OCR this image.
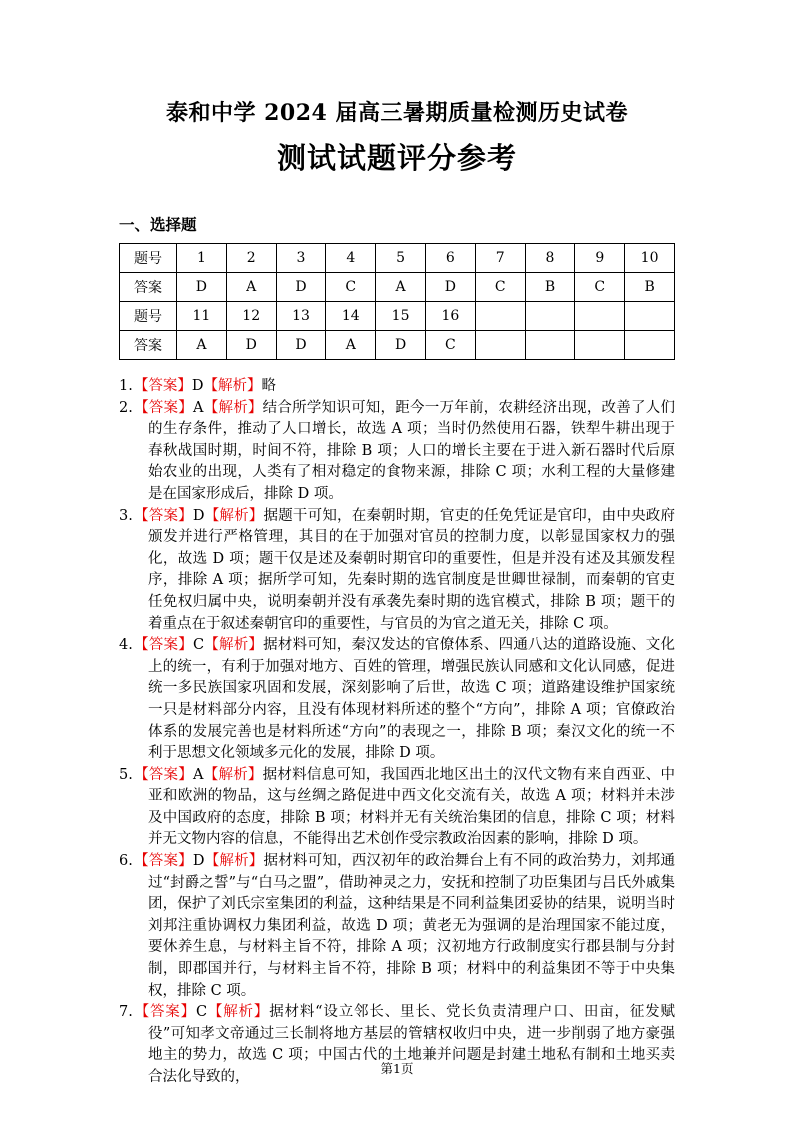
泰和中学 2024 届高三暑期质量检测历史试卷
测试试题评分参考
一、选择题
题号	1	2	3	4	5	6	7	8	9	10
答案	D	A	D	C	A	D	C	B	C	B
题号	11	12	13	14	15	16				
答案	A	D	D	A	D	C				

1.【答案】D【解析】略

2.【答案】A【解析】结合所学知识可知，距今一万年前，农耕经济出现，改善了人们的生存条件，推动了人口增长，故选 A 项；当时仍然使用石器，铁犁牛耕出现于春秋战国时期，时间不符，排除 B 项；人口的增长主要在于进入新石器时代后原始农业的出现，人类有了相对稳定的食物来源，排除 C 项；水利工程的大量修建是在国家形成后，排除 D 项。

3.【答案】D【解析】据题干可知，在秦朝时期，官吏的任免凭证是官印，由中央政府颁发并进行严格管理，其目的在于加强对官员的控制力度，以彰显国家权力的强化，故选 D 项；题干仅是述及秦朝时期官印的重要性，但是并没有述及其颁发程序，排除 A 项；据所学可知，先秦时期的选官制度是世卿世禄制，而秦朝的官吏任免权归属中央，说明秦朝并没有承袭先秦时期的选官模式，排除 B 项；题干的着重点在于叙述秦朝官印的重要性，与官员的为官之道无关，排除 C 项。

4.【答案】C【解析】据材料可知，秦汉发达的官僚体系、四通八达的道路设施、文化上的统一，有利于加强对地方、百姓的管理，增强民族认同感和文化认同感，促进统一多民族国家巩固和发展，深刻影响了后世，故选 C 项；道路建设维护国家统一只是材料部分内容，且没有体现材料所述的整个“方向”，排除 A 项；官僚政治体系的发展完善也是材料所述“方向”的表现之一，排除 B 项；秦汉文化的统一不利于思想文化领域多元化的发展，排除 D 项。

5.【答案】A【解析】据材料信息可知，我国西北地区出土的汉代文物有来自西亚、中亚和欧洲的物品，这与丝绸之路促进中西文化交流有关，故选 A 项；材料并未涉及中国政府的态度，排除 B 项；材料并无有关统治集团的信息，排除 C 项；材料并无文物内容的信息，不能得出艺术创作受宗教政治因素的影响，排除 D 项。

6.【答案】D【解析】据材料可知，西汉初年的政治舞台上有不同的政治势力，刘邦通过“封爵之誓”与“白马之盟”，借助神灵之力，安抚和控制了功臣集团与吕氏外戚集团，保护了刘氏宗室集团的利益，这种结果是不同利益集团妥协的结果，说明当时刘邦注重协调权力集团利益，故选 D 项；黄老无为强调的是治理国家不能过度，要休养生息，与材料主旨不符，排除 A 项；汉初地方行政制度实行郡县制与分封制，即郡国并行，与材料主旨不符，排除 B 项；材料中的利益集团不等于中央集权，排除 C 项。

7.【答案】C【解析】据材料“设立邻长、里长、党长负责清理户口、田亩，征发赋役”可知孝文帝通过三长制将地方基层的管辖权收归中央，进一步削弱了地方豪强地主的势力，故选 C 项；中国古代的土地兼并问题是封建土地私有制和土地买卖合法化导致的，

第1页
